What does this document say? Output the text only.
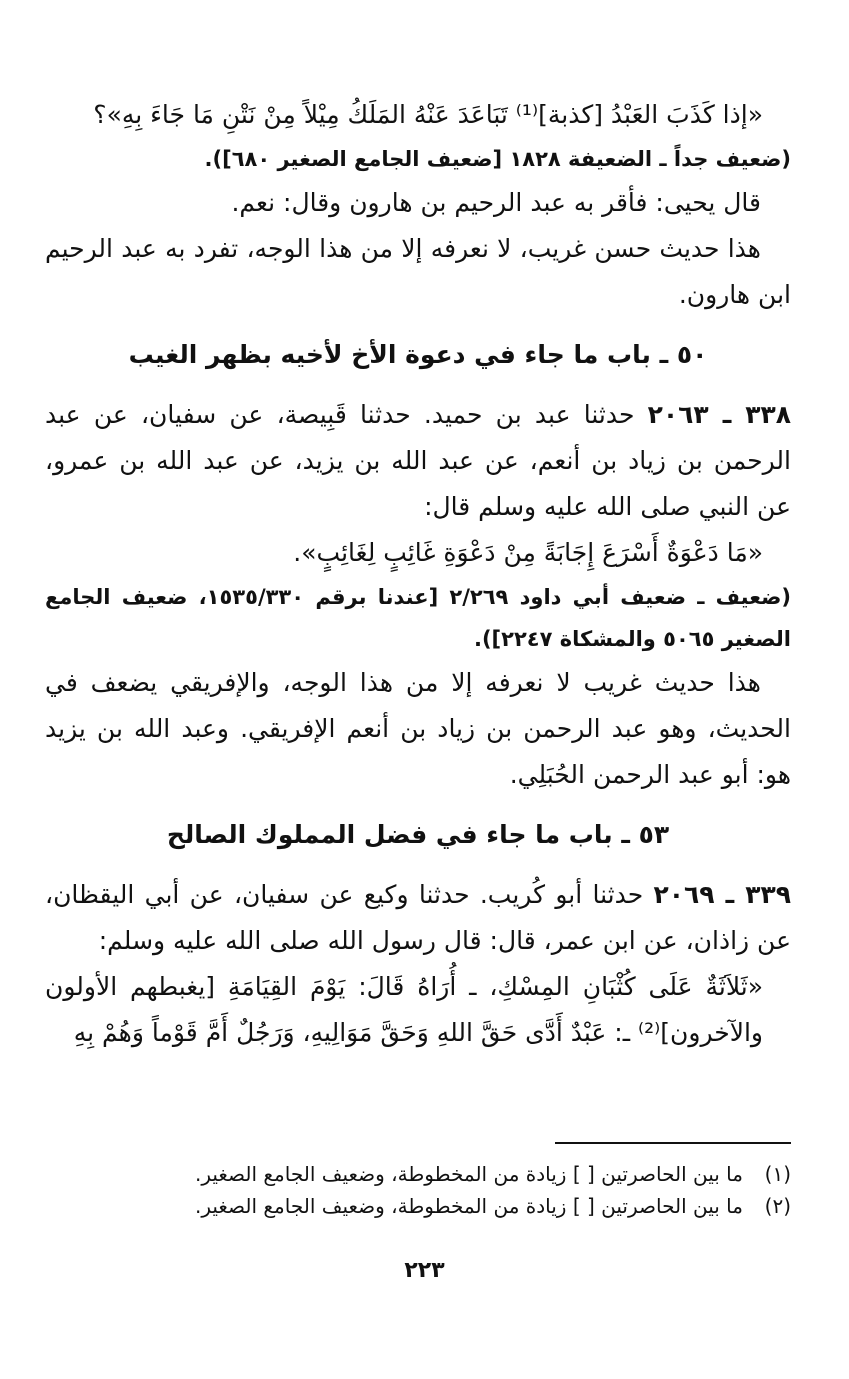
«إذا كَذَبَ العَبْدُ [كذبة]⁽¹⁾ تَبَاعَدَ عَنْهُ المَلَكُ مِيْلاً مِنْ نَتْنِ مَا جَاءَ بِهِ»؟

(ضعيف جداً ـ الضعيفة ١٨٢٨ [ضعيف الجامع الصغير ٦٨٠]).

قال يحيى: فأقر به عبد الرحيم بن هارون وقال: نعم.

هذا حديث حسن غريب، لا نعرفه إلا من هذا الوجه، تفرد به عبد الرحيم ابن هارون.

٥٠ ـ باب ما جاء في دعوة الأخ لأخيه بظهر الغيب

٣٣٨ ـ ٢٠٦٣ حدثنا عبد بن حميد. حدثنا قَبِيصة، عن سفيان، عن عبد الرحمن بن زياد بن أنعم، عن عبد الله بن يزيد، عن عبد الله بن عمرو، عن النبي صلى الله عليه وسلم قال:

«مَا دَعْوَةٌ أَسْرَعَ إِجَابَةً مِنْ دَعْوَةِ غَائِبٍ لِغَائِبٍ».

(ضعيف ـ ضعيف أبي داود ٢/٢٦٩ [عندنا برقم ١٥٣٥/٣٣٠، ضعيف الجامع الصغير ٥٠٦٥ والمشكاة ٢٢٤٧]).

هذا حديث غريب لا نعرفه إلا من هذا الوجه، والإفريقي يضعف في الحديث، وهو عبد الرحمن بن زياد بن أنعم الإفريقي. وعبد الله بن يزيد هو: أبو عبد الرحمن الحُبَلِي.

٥٣ ـ باب ما جاء في فضل المملوك الصالح

٣٣٩ ـ ٢٠٦٩ حدثنا أبو كُريب. حدثنا وكيع عن سفيان، عن أبي اليقظان، عن زاذان، عن ابن عمر، قال: قال رسول الله صلى الله عليه وسلم:

«ثَلاَثَةٌ عَلَى كُثْبَانِ المِسْكِ، ـ أُرَاهُ قَالَ: يَوْمَ القِيَامَةِ [يغبطهم الأولون والآخرون]⁽²⁾ ـ: عَبْدٌ أَدَّى حَقَّ اللهِ وَحَقَّ مَوَالِيهِ، وَرَجُلٌ أَمَّ قَوْماً وَهُمْ بِهِ

(١)ما بين الحاصرتين [ ] زيادة من المخطوطة، وضعيف الجامع الصغير.

(٢)ما بين الحاصرتين [ ] زيادة من المخطوطة، وضعيف الجامع الصغير.

٢٢٣
